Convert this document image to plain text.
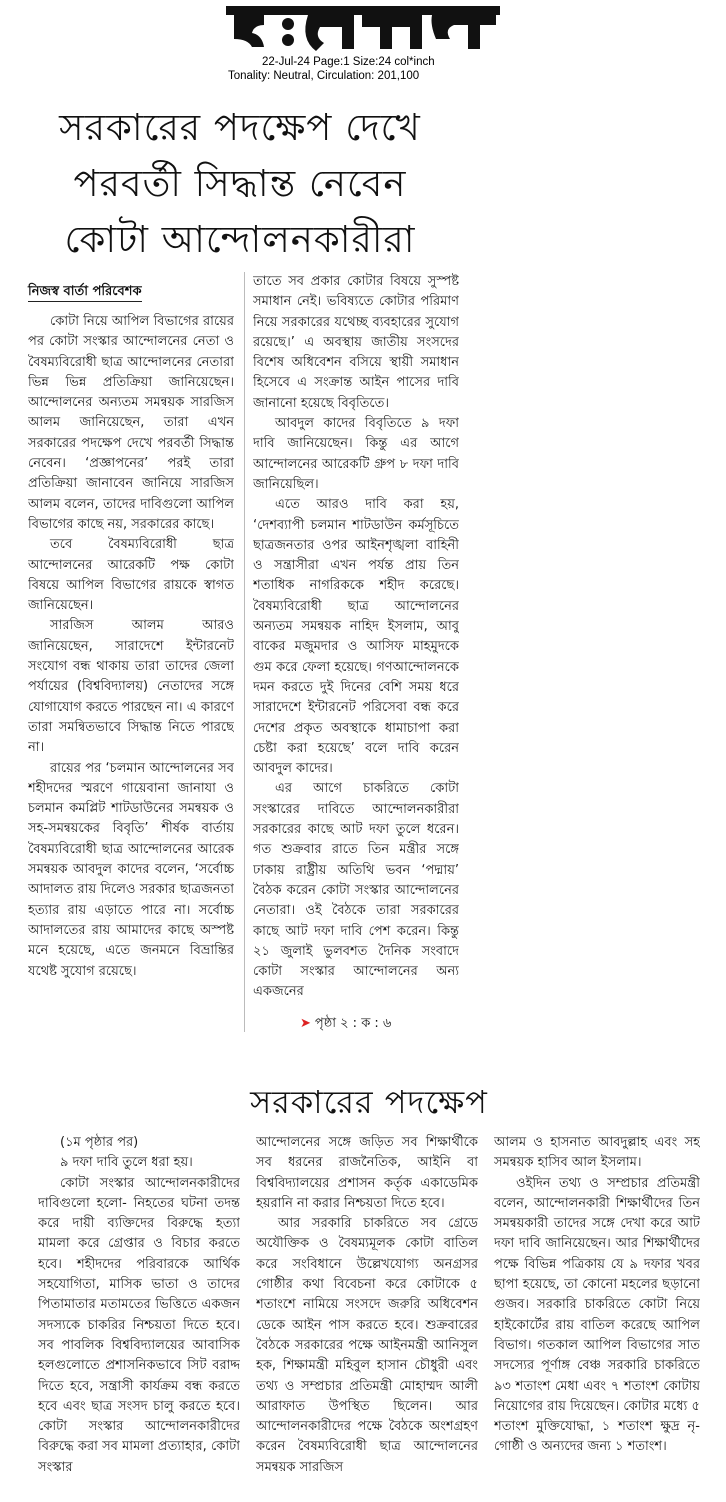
22-Jul-24 Page:1 Size:24 col*inch
Tonality: Neutral, Circulation: 201,100
সরকারের পদক্ষেপ দেখে
পরবর্তী সিদ্ধান্ত নেবেন
কোটা আন্দোলনকারীরা
নিজস্ব বার্তা পরিবেশক

কোটা নিয়ে আপিল বিভাগের রায়ের পর কোটা সংস্কার আন্দোলনের নেতা ও বৈষম্যবিরোধী ছাত্র আন্দোলনের নেতারা ভিন্ন ভিন্ন প্রতিক্রিয়া জানিয়েছেন। আন্দোলনের অন্যতম সমন্বয়ক সারজিস আলম জানিয়েছেন, তারা এখন সরকারের পদক্ষেপ দেখে পরবর্তী সিদ্ধান্ত নেবেন। ‘প্রজ্ঞাপনের’ পরই তারা প্রতিক্রিয়া জানাবেন জানিয়ে সারজিস আলম বলেন, তাদের দাবিগুলো আপিল বিভাগের কাছে নয়, সরকারের কাছে।

তবে বৈষম্যবিরোধী ছাত্র আন্দোলনের আরেকটি পক্ষ কোটা বিষয়ে আপিল বিভাগের রায়কে স্বাগত জানিয়েছেন।

সারজিস আলম আরও জানিয়েছেন, সারাদেশে ইন্টারনেট সংযোগ বন্ধ থাকায় তারা তাদের জেলা পর্যায়ের (বিশ্ববিদ্যালয়) নেতাদের সঙ্গে যোগাযোগ করতে পারছেন না। এ কারণে তারা সমন্বিতভাবে সিদ্ধান্ত নিতে পারছে না।

রায়ের পর ‘চলমান আন্দোলনের সব শহীদদের স্মরণে গায়েবানা জানাযা ও চলমান কমপ্লিট শাটডাউনের সমন্বয়ক ও সহ-সমন্বয়কের বিবৃতি’ শীর্ষক বার্তায় বৈষম্যবিরোধী ছাত্র আন্দোলনের আরেক সমন্বয়ক আবদুল কাদের বলেন, ‘সর্বোচ্চ আদালত রায় দিলেও সরকার ছাত্রজনতা হত্যার রায় এড়াতে পারে না। সর্বোচ্চ আদালতের রায় আমাদের কাছে অস্পষ্ট মনে হয়েছে, এতে জনমনে বিভ্রান্তির যথেষ্ট সুযোগ রয়েছে।

তাতে সব প্রকার কোটার বিষয়ে সুস্পষ্ট সমাধান নেই। ভবিষ্যতে কোটার পরিমাণ নিয়ে সরকারের যথেচ্ছ ব্যবহারের সুযোগ রয়েছে।’ এ অবস্থায় জাতীয় সংসদের বিশেষ অধিবেশন বসিয়ে স্থায়ী সমাধান হিসেবে এ সংক্রান্ত আইন পাসের দাবি জানানো হয়েছে বিবৃতিতে।

আবদুল কাদের বিবৃতিতে ৯ দফা দাবি জানিয়েছেন। কিন্তু এর আগে আন্দোলনের আরেকটি গ্রুপ ৮ দফা দাবি জানিয়েছিল।

এতে আরও দাবি করা হয়, ‘দেশব্যাপী চলমান শাটডাউন কর্মসূচিতে ছাত্রজনতার ওপর আইনশৃঙ্খলা বাহিনী ও সন্ত্রাসীরা এখন পর্যন্ত প্রায় তিন শতাধিক নাগরিককে শহীদ করেছে। বৈষম্যবিরোধী ছাত্র আন্দোলনের অন্যতম সমন্বয়ক নাহিদ ইসলাম, আবু বাকের মজুমদার ও আসিফ মাহমুদকে গুম করে ফেলা হয়েছে। গণআন্দোলনকে দমন করতে দুই দিনের বেশি সময় ধরে সারাদেশে ইন্টারনেট পরিসেবা বন্ধ করে দেশের প্রকৃত অবস্থাকে ধামাচাপা করা চেষ্টা করা হয়েছে’ বলে দাবি করেন আবদুল কাদের।

এর আগে চাকরিতে কোটা সংস্কারের দাবিতে আন্দোলনকারীরা সরকারের কাছে আট দফা তুলে ধরেন। গত শুক্রবার রাতে তিন মন্ত্রীর সঙ্গে ঢাকায় রাষ্ট্রীয় অতিথি ভবন ‘পদ্মায়’ বৈঠক করেন কোটা সংস্কার আন্দোলনের নেতারা। ওই বৈঠকে তারা সরকারের কাছে আট দফা দাবি পেশ করেন। কিন্তু ২১ জুলাই ভুলবশত দৈনিক সংবাদে কোটা সংস্কার আন্দোলনের অন্য একজনের

➤ পৃষ্ঠা ২ : ক : ৬
সরকারের পদক্ষেপ

(১ম পৃষ্ঠার পর)

৯ দফা দাবি তুলে ধরা হয়।

কোটা সংস্কার আন্দোলনকারীদের দাবিগুলো হলো- নিহতের ঘটনা তদন্ত করে দায়ী ব্যক্তিদের বিরুদ্ধে হত্যা মামলা করে গ্রেপ্তার ও বিচার করতে হবে। শহীদদের পরিবারকে আর্থিক সহযোগিতা, মাসিক ভাতা ও তাদের পিতামাতার মতামতের ভিত্তিতে একজন সদস্যকে চাকরির নিশ্চয়তা দিতে হবে। সব পাবলিক বিশ্ববিদ্যালয়ের আবাসিক হলগুলোতে প্রশাসনিকভাবে সিট বরাদ্দ দিতে হবে, সন্ত্রাসী কার্যক্রম বন্ধ করতে হবে এবং ছাত্র সংসদ চালু করতে হবে। কোটা সংস্কার আন্দোলনকারীদের বিরুদ্ধে করা সব মামলা প্রত্যাহার, কোটা সংস্কার

আন্দোলনের সঙ্গে জড়িত সব শিক্ষার্থীকে সব ধরনের রাজনৈতিক, আইনি বা বিশ্ববিদ্যালয়ের প্রশাসন কর্তৃক একাডেমিক হয়রানি না করার নিশ্চয়তা দিতে হবে।

আর সরকারি চাকরিতে সব গ্রেডে অযৌক্তিক ও বৈষম্যমূলক কোটা বাতিল করে সংবিধানে উল্লেখযোগ্য অনগ্রসর গোষ্ঠীর কথা বিবেচনা করে কোটাকে ৫ শতাংশে নামিয়ে সংসদে জরুরি অধিবেশন ডেকে আইন পাস করতে হবে। শুক্রবারের বৈঠকে সরকারের পক্ষে আইনমন্ত্রী আনিসুল হক, শিক্ষামন্ত্রী মহিবুল হাসান চৌধুরী এবং তথ্য ও সম্প্রচার প্রতিমন্ত্রী মোহাম্মদ আলী আরাফাত উপস্থিত ছিলেন। আর আন্দোলনকারীদের পক্ষে বৈঠকে অংশগ্রহণ করেন বৈষম্যবিরোধী ছাত্র আন্দোলনের সমন্বয়ক সারজিস

আলম ও হাসনাত আবদুল্লাহ এবং সহ সমন্বয়ক হাসিব আল ইসলাম।

ওইদিন তথ্য ও সম্প্রচার প্রতিমন্ত্রী বলেন, আন্দোলনকারী শিক্ষার্থীদের তিন সমন্বয়কারী তাদের সঙ্গে দেখা করে আট দফা দাবি জানিয়েছেন। আর শিক্ষার্থীদের পক্ষে বিভিন্ন পত্রিকায় যে ৯ দফার খবর ছাপা হয়েছে, তা কোনো মহলের ছড়ানো গুজব। সরকারি চাকরিতে কোটা নিয়ে হাইকোর্টের রায় বাতিল করেছে আপিল বিভাগ। গতকাল আপিল বিভাগের সাত সদস্যের পূর্ণাঙ্গ বেঞ্চ সরকারি চাকরিতে ৯৩ শতাংশ মেধা এবং ৭ শতাংশ কোটায় নিয়োগের রায় দিয়েছেন। কোটার মধ্যে ৫ শতাংশ মুক্তিযোদ্ধা, ১ শতাংশ ক্ষুদ্র নৃ-গোষ্ঠী ও অন্যদের জন্য ১ শতাংশ।
